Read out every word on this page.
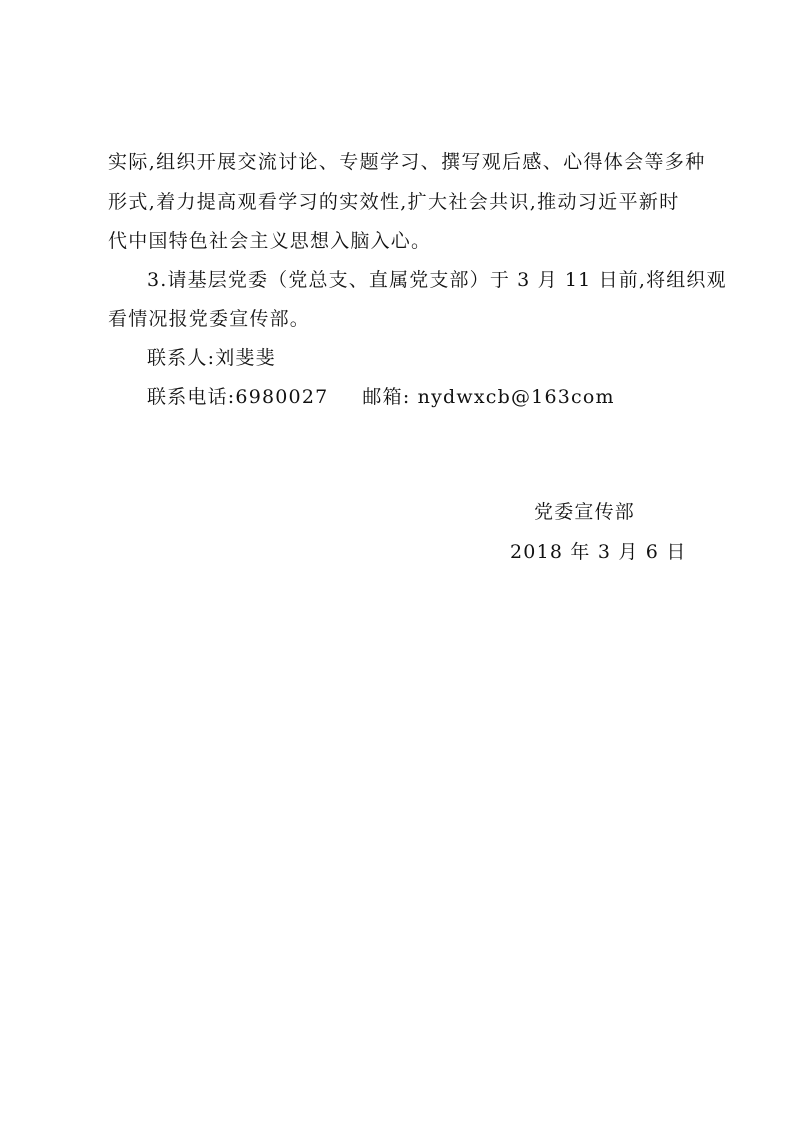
实际,组织开展交流讨论、专题学习、撰写观后感、心得体会等多种
形式,着力提高观看学习的实效性,扩大社会共识,推动习近平新时
代中国特色社会主义思想入脑入心。
3.请基层党委（党总支、直属党支部）于 3 月 11 日前,将组织观
看情况报党委宣传部。
联系人:刘斐斐
联系电话:6980027 邮箱: nydwxcb@163com
党委宣传部
2018 年 3 月 6 日
